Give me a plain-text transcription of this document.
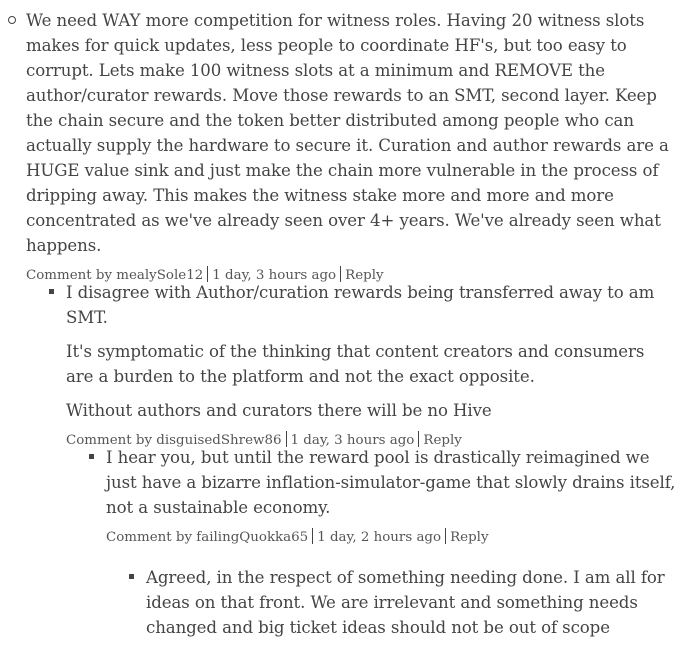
We need WAY more competition for witness roles. Having 20 witness slots makes for quick updates, less people to coordinate HF's, but too easy to corrupt. Lets make 100 witness slots at a minimum and REMOVE the author/curator rewards. Move those rewards to an SMT, second layer. Keep the chain secure and the token better distributed among people who can actually supply the hardware to secure it. Curation and author rewards are a HUGE value sink and just make the chain more vulnerable in the process of dripping away. This makes the witness stake more and more and more concentrated as we've already seen over 4+ years. We've already seen what happens.

Comment by mealySole12 1 day, 3 hours ago Reply

I disagree with Author/curation rewards being transferred away to am SMT.

It's symptomatic of the thinking that content creators and consumers are a burden to the platform and not the exact opposite.

Without authors and curators there will be no Hive

Comment by disguisedShrew86 1 day, 3 hours ago Reply

I hear you, but until the reward pool is drastically reimagined we just have a bizarre inflation-simulator-game that slowly drains itself, not a sustainable economy.

Comment by failingQuokka65 1 day, 2 hours ago Reply

Agreed, in the respect of something needing done. I am all for ideas on that front. We are irrelevant and something needs changed and big ticket ideas should not be out of scope
